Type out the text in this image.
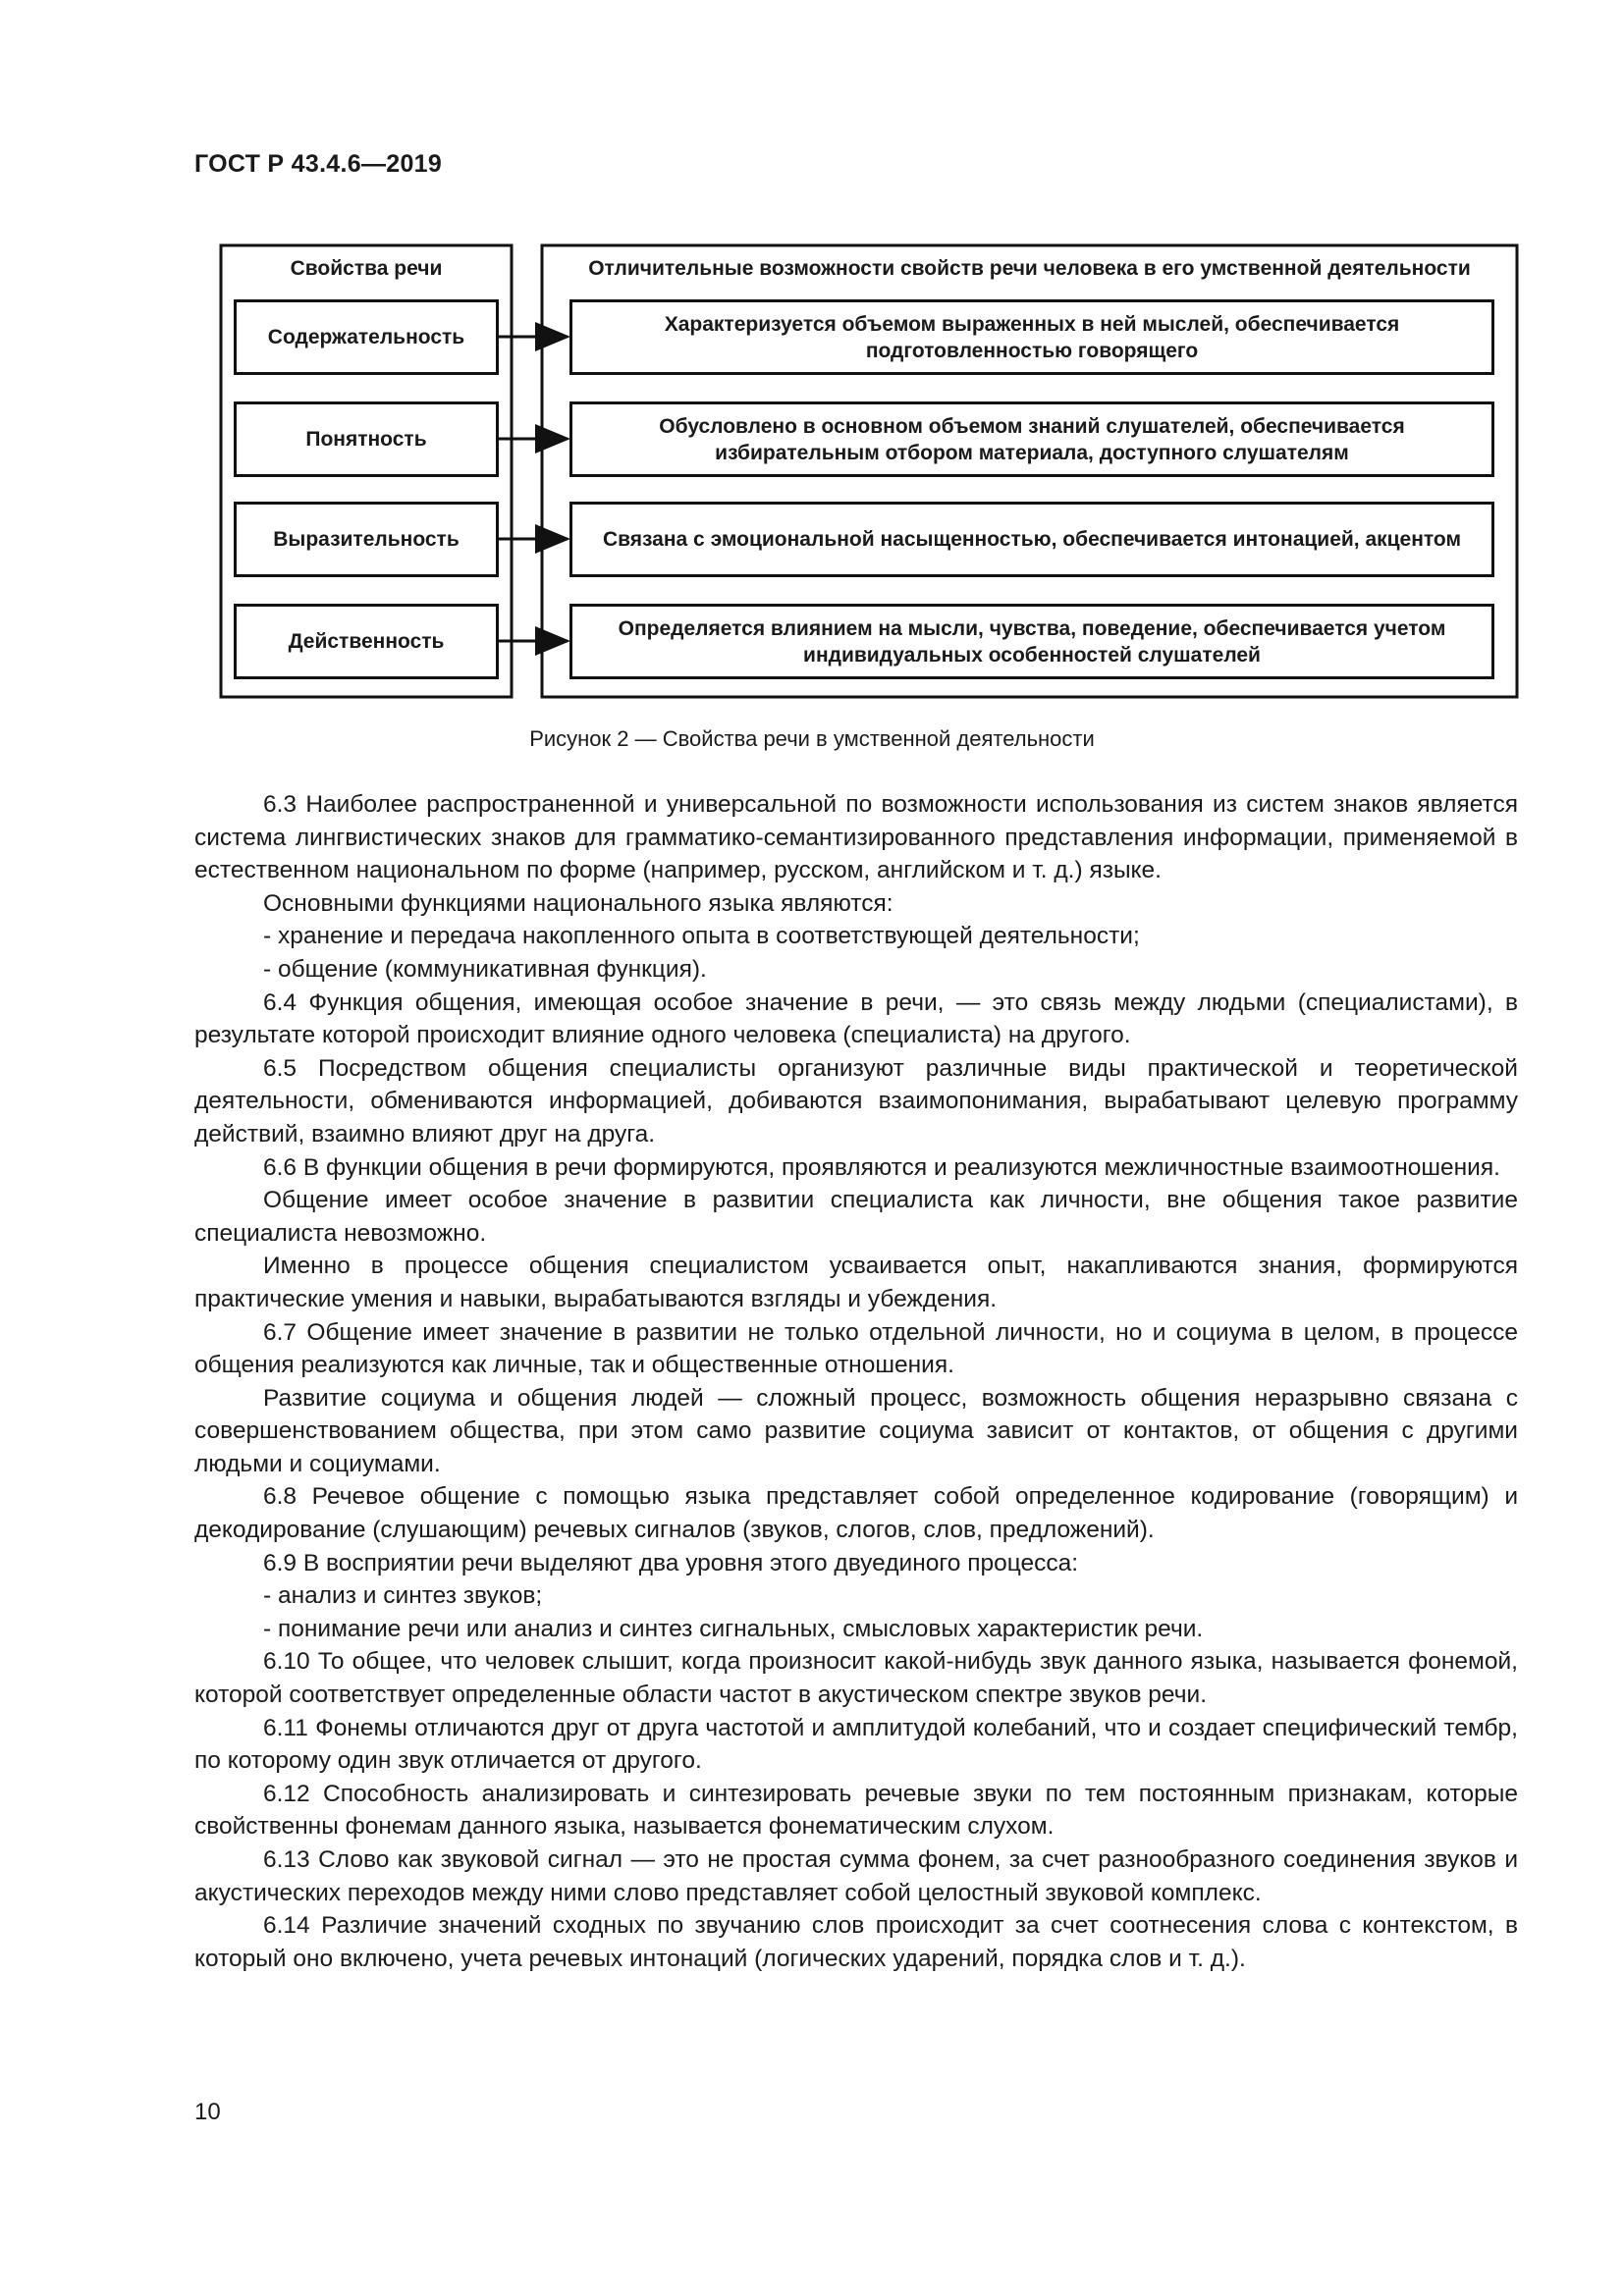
ГОСТ Р 43.4.6—2019
Свойства речи	Отличительные возможности свойств речи человека в его умственной деятельности
Содержательность
Понятность
Выразительность
Действенность
Характеризуется объемом выраженных в ней мыслей, обеспечивается подготовленностью говорящего
Обусловлено в основном объемом знаний слушателей, обеспечивается избирательным отбором материала, доступного слушателям
Связана с эмоциональной насыщенностью, обеспечивается интонацией, акцентом
Определяется влиянием на мысли, чувства, поведение, обеспечивается учетом индивидуальных особенностей слушателей
Рисунок 2 — Свойства речи в умственной деятельности

6.3 Наиболее распространенной и универсальной по возможности использования из систем знаков является система лингвистических знаков для грамматико-семантизированного представления информации, применяемой в естественном национальном по форме (например, русском, английском и т. д.) языке.

Основными функциями национального языка являются:

- хранение и передача накопленного опыта в соответствующей деятельности;

- общение (коммуникативная функция).

6.4 Функция общения, имеющая особое значение в речи, — это связь между людьми (специалистами), в результате которой происходит влияние одного человека (специалиста) на другого.

6.5 Посредством общения специалисты организуют различные виды практической и теоретической деятельности, обмениваются информацией, добиваются взаимопонимания, вырабатывают целевую программу действий, взаимно влияют друг на друга.

6.6 В функции общения в речи формируются, проявляются и реализуются межличностные взаимоотношения.

Общение имеет особое значение в развитии специалиста как личности, вне общения такое развитие специалиста невозможно.

Именно в процессе общения специалистом усваивается опыт, накапливаются знания, формируются практические умения и навыки, вырабатываются взгляды и убеждения.

6.7 Общение имеет значение в развитии не только отдельной личности, но и социума в целом, в процессе общения реализуются как личные, так и общественные отношения.

Развитие социума и общения людей — сложный процесс, возможность общения неразрывно связана с совершенствованием общества, при этом само развитие социума зависит от контактов, от общения с другими людьми и социумами.

6.8 Речевое общение с помощью языка представляет собой определенное кодирование (говорящим) и декодирование (слушающим) речевых сигналов (звуков, слогов, слов, предложений).

6.9 В восприятии речи выделяют два уровня этого двуединого процесса:

- анализ и синтез звуков;

- понимание речи или анализ и синтез сигнальных, смысловых характеристик речи.

6.10 То общее, что человек слышит, когда произносит какой-нибудь звук данного языка, называется фонемой, которой соответствует определенные области частот в акустическом спектре звуков речи.

6.11 Фонемы отличаются друг от друга частотой и амплитудой колебаний, что и создает специфический тембр, по которому один звук отличается от другого.

6.12 Способность анализировать и синтезировать речевые звуки по тем постоянным признакам, которые свойственны фонемам данного языка, называется фонематическим слухом.

6.13 Слово как звуковой сигнал — это не простая сумма фонем, за счет разнообразного соединения звуков и акустических переходов между ними слово представляет собой целостный звуковой комплекс.

6.14 Различие значений сходных по звучанию слов происходит за счет соотнесения слова с контекстом, в который оно включено, учета речевых интонаций (логических ударений, порядка слов и т. д.).

10
